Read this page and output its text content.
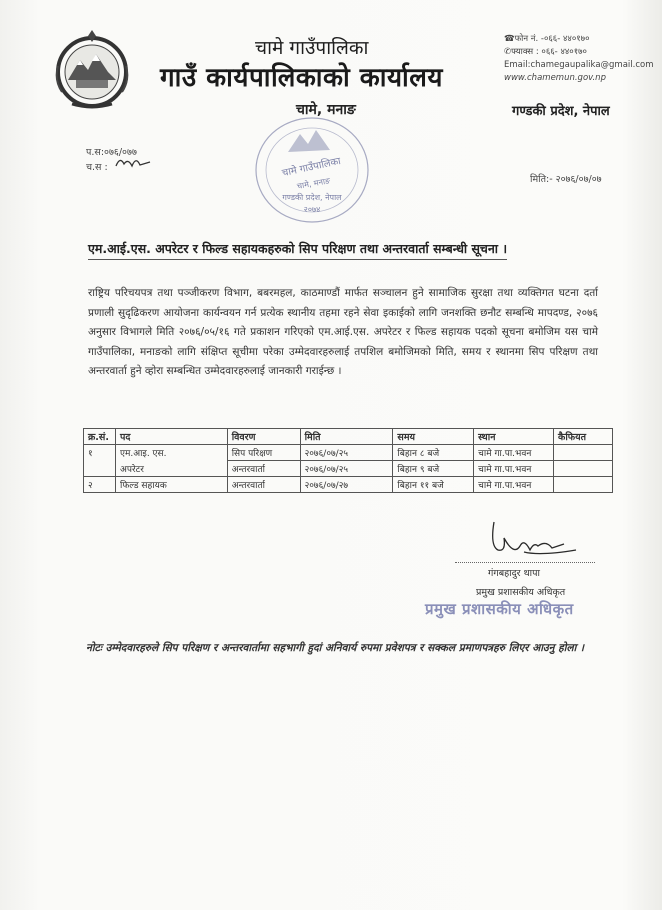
चामे गाउँपालिका
गाउँ कार्यपालिकाको कार्यालय
चामे, मनाङ
☎फोन नं. -०६६- ४४०१७०
✆फ्याक्स : ०६६- ४४०१७०
Email:chamegaupalika@gmail.com
www.chamemun.gov.np
गण्डकी प्रदेश, नेपाल
प.स:०७६/०७७
च.स :	चामे गाउँपालिका
चामे, मनाङ
गण्डकी प्रदेश, नेपाल
२०७४
मिति:- २०७६/०७/०७
एम.आई.एस. अपरेटर र फिल्ड सहायकहरुको सिप परिक्षण तथा अन्तरवार्ता सम्बन्धी सूचना ।
राष्ट्रिय परिचयपत्र तथा पञ्जीकरण विभाग, बबरमहल, काठमाण्डौं मार्फत सञ्चालन हुने सामाजिक सुरक्षा तथा व्यक्तिगत घटना दर्ता प्रणाली सुदृढिकरण आयोजना कार्यन्वयन गर्न प्रत्येक स्थानीय तहमा रहने सेवा इकाईको लागि जनशक्ति छनौट सम्बन्धि मापदण्ड, २०७६ अनुसार विभागले मिति २०७६/०५/१६ गते प्रकाशन गरिएको एम.आई.एस. अपरेटर र फिल्ड सहायक पदको सूचना बमोजिम यस चामे गाउँपालिका, मनाङको लागि संक्षिप्त सूचीमा परेका उम्मेदवारहरुलाई तपशिल बमोजिमको मिति, समय र स्थानमा सिप परिक्षण तथा अन्तरवार्ता हुने व्होरा सम्बन्धित उम्मेदवारहरुलाई जानकारी गराईन्छ ।
क्र.सं.	पद	विवरण	मिति	समय	स्थान	कैफियत
१	एम.आइ. एस.	सिप परिक्षण	२०७६/०७/२५	बिहान ८ बजे	चामे गा.पा.भवन	
	अपरेटर	अन्तरवार्ता	२०७६/०७/२५	बिहान ९ बजे	चामे गा.पा.भवन	
२	फिल्ड सहायक	अन्तरवार्ता	२०७६/०७/२७	बिहान ११ बजे	चामे गा.पा.भवन	
गंगबहादुर थापा
प्रमुख प्रशासकीय अधिकृत
प्रमुख प्रशासकीय अधिकृत
नोटः उम्मेदवारहरुले सिप परिक्षण र अन्तरवार्तामा सहभागी हुदां अनिवार्य रुपमा प्रवेशपत्र र सक्कल प्रमाणपत्रहरु लिएर आउनु होला ।
